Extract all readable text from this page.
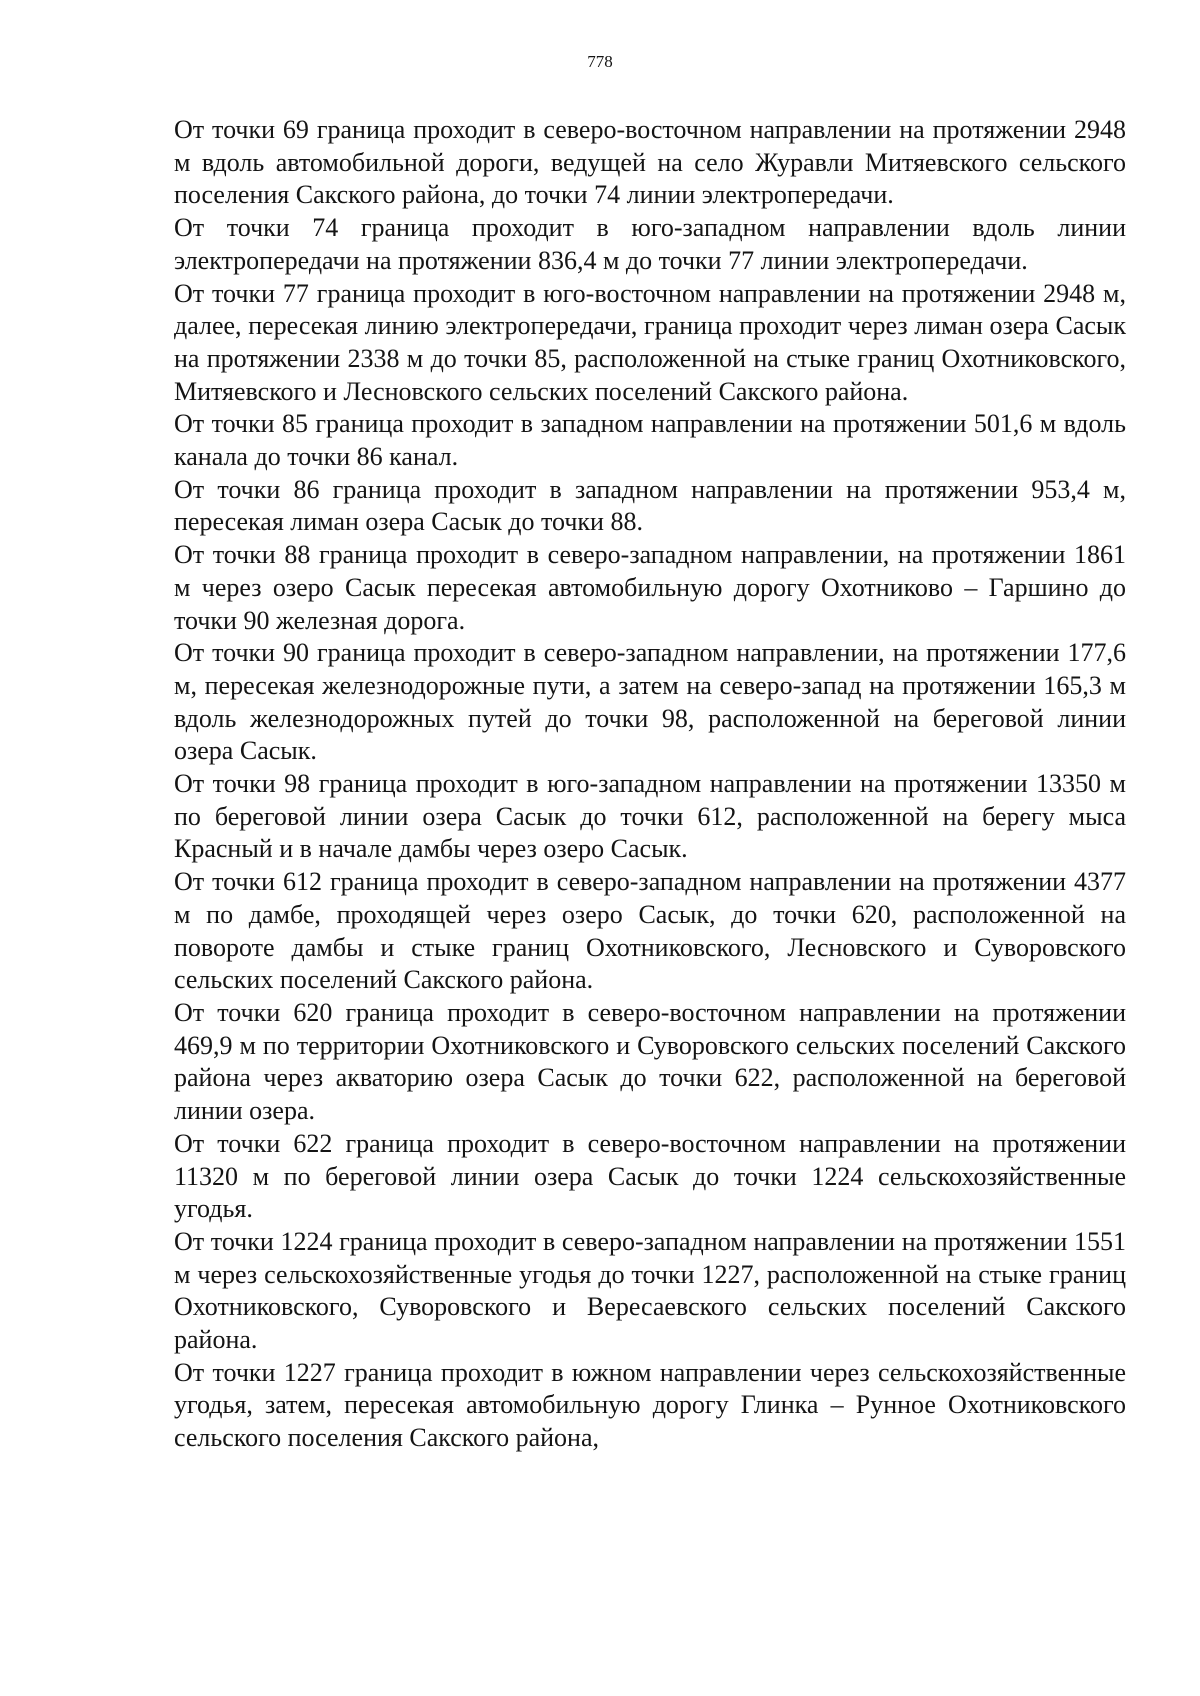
778

От точки 69 граница проходит в северо-восточном направлении на протяжении 2948 м вдоль автомобильной дороги, ведущей на село Журавли Митяевского сельского поселения Сакского района, до точки 74 линии электропередачи.

От точки 74 граница проходит в юго-западном направлении вдоль линии электропередачи на протяжении 836,4 м до точки 77 линии электропередачи.

От точки 77 граница проходит в юго-восточном направлении на протяжении 2948 м, далее, пересекая линию электропередачи, граница проходит через лиман озера Сасык на протяжении 2338 м до точки 85, расположенной на стыке границ Охотниковского, Митяевского и Лесновского сельских поселений Сакского района.

От точки 85 граница проходит в западном направлении на протяжении 501,6 м вдоль канала до точки 86 канал.

От точки 86 граница проходит в западном направлении на протяжении 953,4 м, пересекая лиман озера Сасык до точки 88.

От точки 88 граница проходит в северо-западном направлении, на протяжении 1861 м через озеро Сасык пересекая автомобильную дорогу Охотниково – Гаршино до точки 90 железная дорога.

От точки 90 граница проходит в северо-западном направлении, на протяжении 177,6 м, пересекая железнодорожные пути, а затем на северо-запад на протяжении 165,3 м вдоль железнодорожных путей до точки 98, расположенной на береговой линии озера Сасык.

От точки 98 граница проходит в юго-западном направлении на протяжении 13350 м по береговой линии озера Сасык до точки 612, расположенной на берегу мыса Красный и в начале дамбы через озеро Сасык.

От точки 612 граница проходит в северо-западном направлении на протяжении 4377 м по дамбе, проходящей через озеро Сасык, до точки 620, расположенной на повороте дамбы и стыке границ Охотниковского, Лесновского и Суворовского сельских поселений Сакского района.

От точки 620 граница проходит в северо-восточном направлении на протяжении 469,9 м по территории Охотниковского и Суворовского сельских поселений Сакского района через акваторию озера Сасык до точки 622, расположенной на береговой линии озера.

От точки 622 граница проходит в северо-восточном направлении на протяжении 11320 м по береговой линии озера Сасык до точки 1224 сельскохозяйственные угодья.

От точки 1224 граница проходит в северо-западном направлении на протяжении 1551 м через сельскохозяйственные угодья до точки 1227, расположенной на стыке границ Охотниковского, Суворовского и Вересаевского сельских поселений Сакского района.

От точки 1227 граница проходит в южном направлении через сельскохозяйственные угодья, затем, пересекая автомобильную дорогу Глинка – Рунное Охотниковского сельского поселения Сакского района,
